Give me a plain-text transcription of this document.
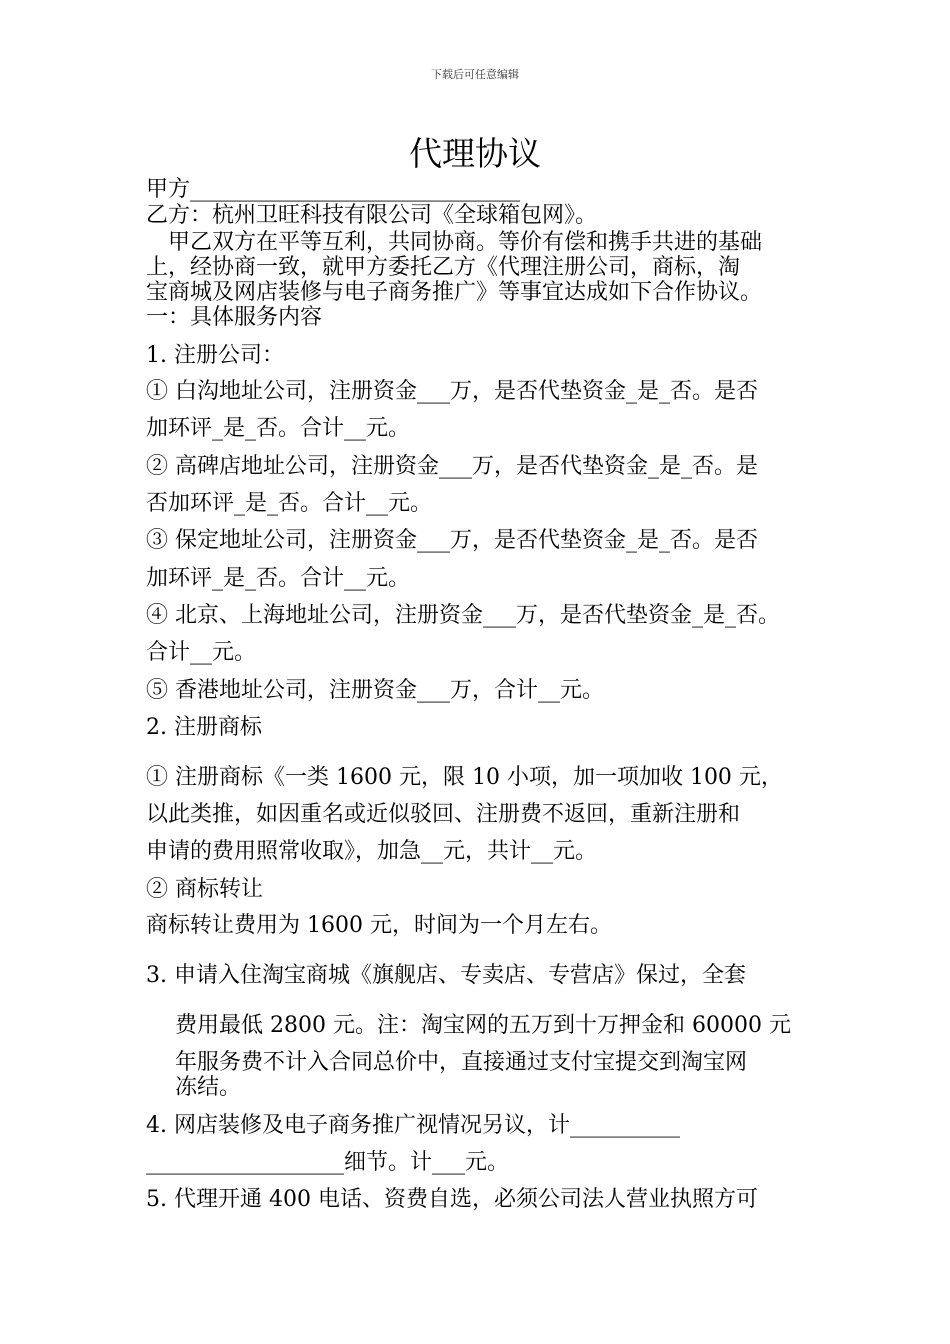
下载后可任意编辑
代理协议
甲方______________________________
乙方：杭州卫旺科技有限公司《全球箱包网》。
　甲乙双方在平等互利，共同协商。等价有偿和携手共进的基础
上，经协商一致，就甲方委托乙方《代理注册公司，商标，淘
宝商城及网店装修与电子商务推广》等事宜达成如下合作协议。
一：具体服务内容
1. 注册公司：
① 白沟地址公司，注册资金___万，是否代垫资金_是_否。是否
加环评_是_否。合计__元。
② 高碑店地址公司，注册资金___万，是否代垫资金_是_否。是
否加环评_是_否。合计__元。
③ 保定地址公司，注册资金___万，是否代垫资金_是_否。是否
加环评_是_否。合计__元。
④ 北京、上海地址公司，注册资金___万，是否代垫资金_是_否。
合计__元。
⑤ 香港地址公司，注册资金___万，合计__元。
2. 注册商标
① 注册商标《一类 1600 元，限 10 小项，加一项加收 100 元，
以此类推，如因重名或近似驳回、注册费不返回，重新注册和
申请的费用照常收取》，加急__元，共计__元。
② 商标转让
商标转让费用为 1600 元，时间为一个月左右。
3. 申请入住淘宝商城《旗舰店、专卖店、专营店》保过，全套
　 费用最低 2800 元。注：淘宝网的五万到十万押金和 60000 元
　 年服务费不计入合同总价中，直接通过支付宝提交到淘宝网
　 冻结。
4. 网店装修及电子商务推广视情况另议，计__________
__________________细节。计___元。
5. 代理开通 400 电话、资费自选，必须公司法人营业执照方可
